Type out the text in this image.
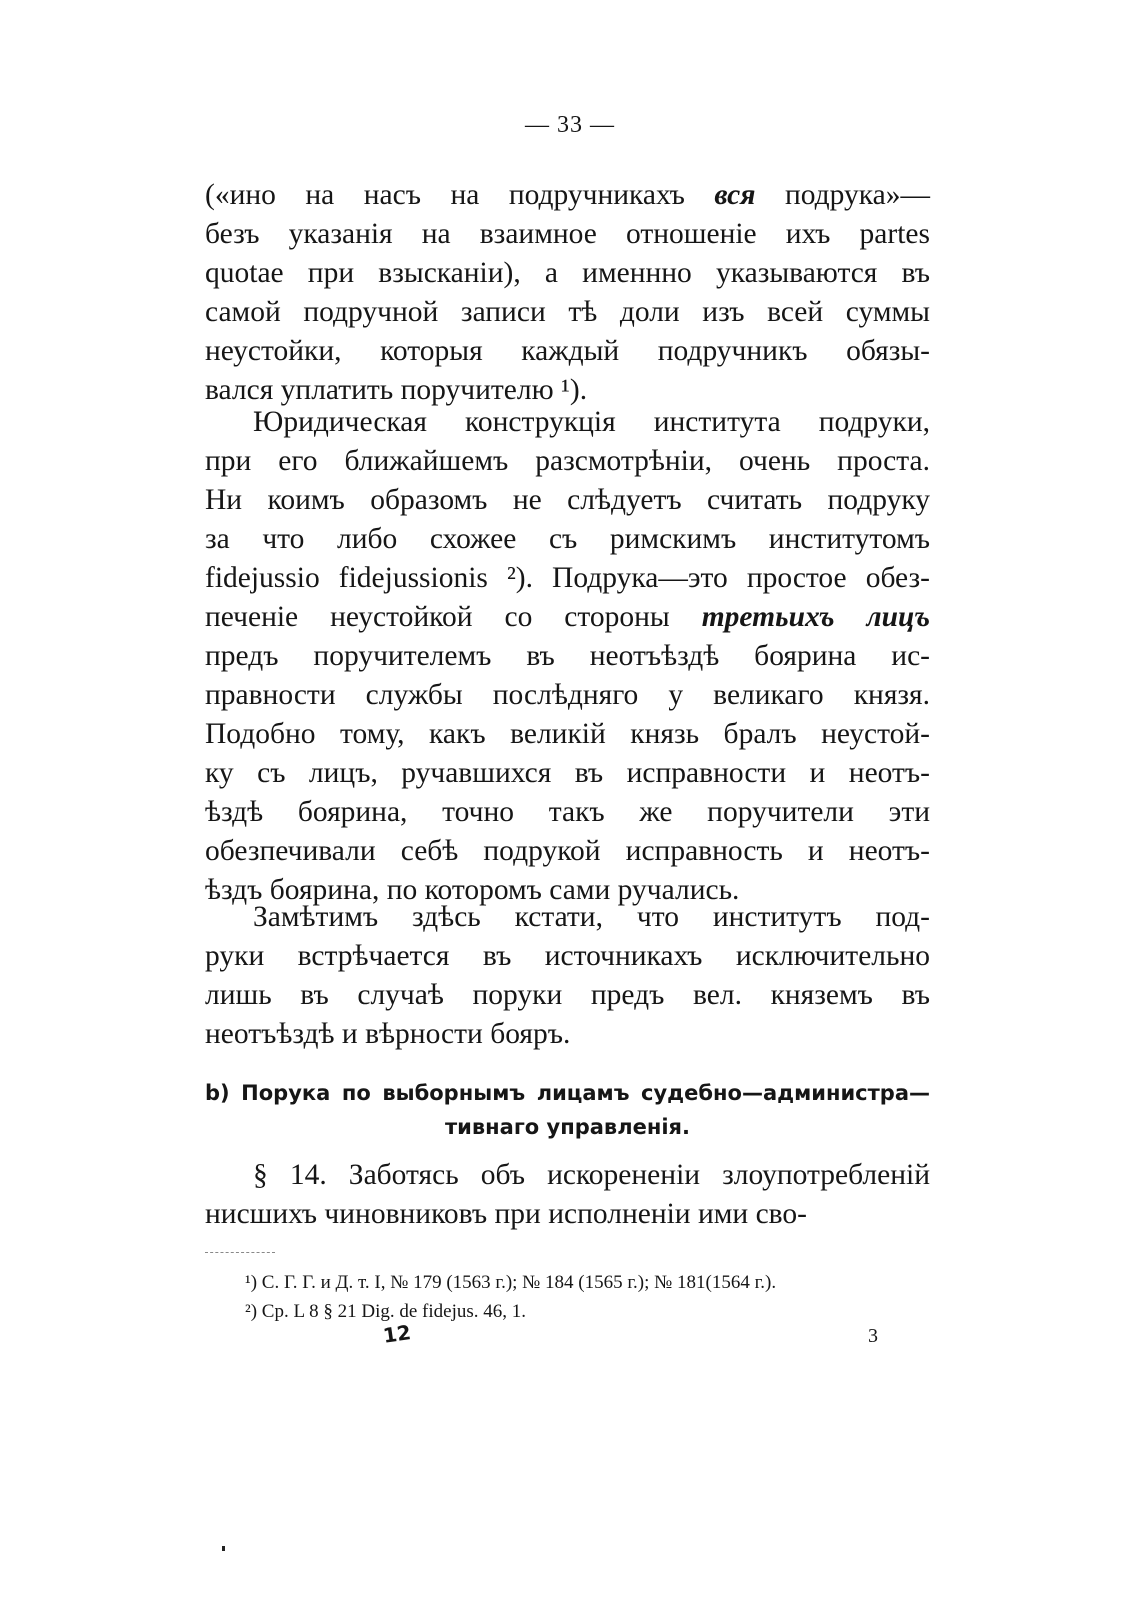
— 33 —
(«ино на насъ на подручникахъ вся подрука»—
безъ указанія на взаимное отношеніе ихъ partes
quotae при взысканіи), а именнно указываются въ
самой подручной записи тѣ доли изъ всей суммы
неустойки, которыя каждый подручникъ обязы-
вался уплатить поручителю ¹).
Юридическая конструкція института подруки,
при его ближайшемъ разсмотрѣніи, очень проста.
Ни коимъ образомъ не слѣдуетъ считать подруку
за что либо схожее съ римскимъ институтомъ
fidejussio fidejussionis ²). Подрука—это простое обез-
печеніе неустойкой со стороны третьихъ лицъ
предъ поручителемъ въ неотъѣздѣ боярина ис-
правности службы послѣдняго у великаго князя.
Подобно тому, какъ великій князь бралъ неустой-
ку съ лицъ, ручавшихся въ исправности и неотъ-
ѣздѣ боярина, точно такъ же поручители эти
обезпечивали себѣ подрукой исправность и неотъ-
ѣздъ боярина, по которомъ сами ручались.
Замѣтимъ здѣсь кстати, что институтъ под-
руки встрѣчается въ источникахъ исключительно
лишь въ случаѣ поруки предъ вел. княземъ въ
неотъѣздѣ и вѣрности бояръ.
b) Порука по выборнымъ лицамъ судебно—администра—
тивнаго управленія.
§ 14. Заботясь объ искорененіи злоупотребленій
нисшихъ чиновниковъ при исполненіи ими сво-
¹) С. Г. Г. и Д. т. I, № 179 (1563 г.); № 184 (1565 г.); № 181(1564 г.).
²) Ср. L 8 § 21 Dig. de fidejus. 46, 1.
12	3
